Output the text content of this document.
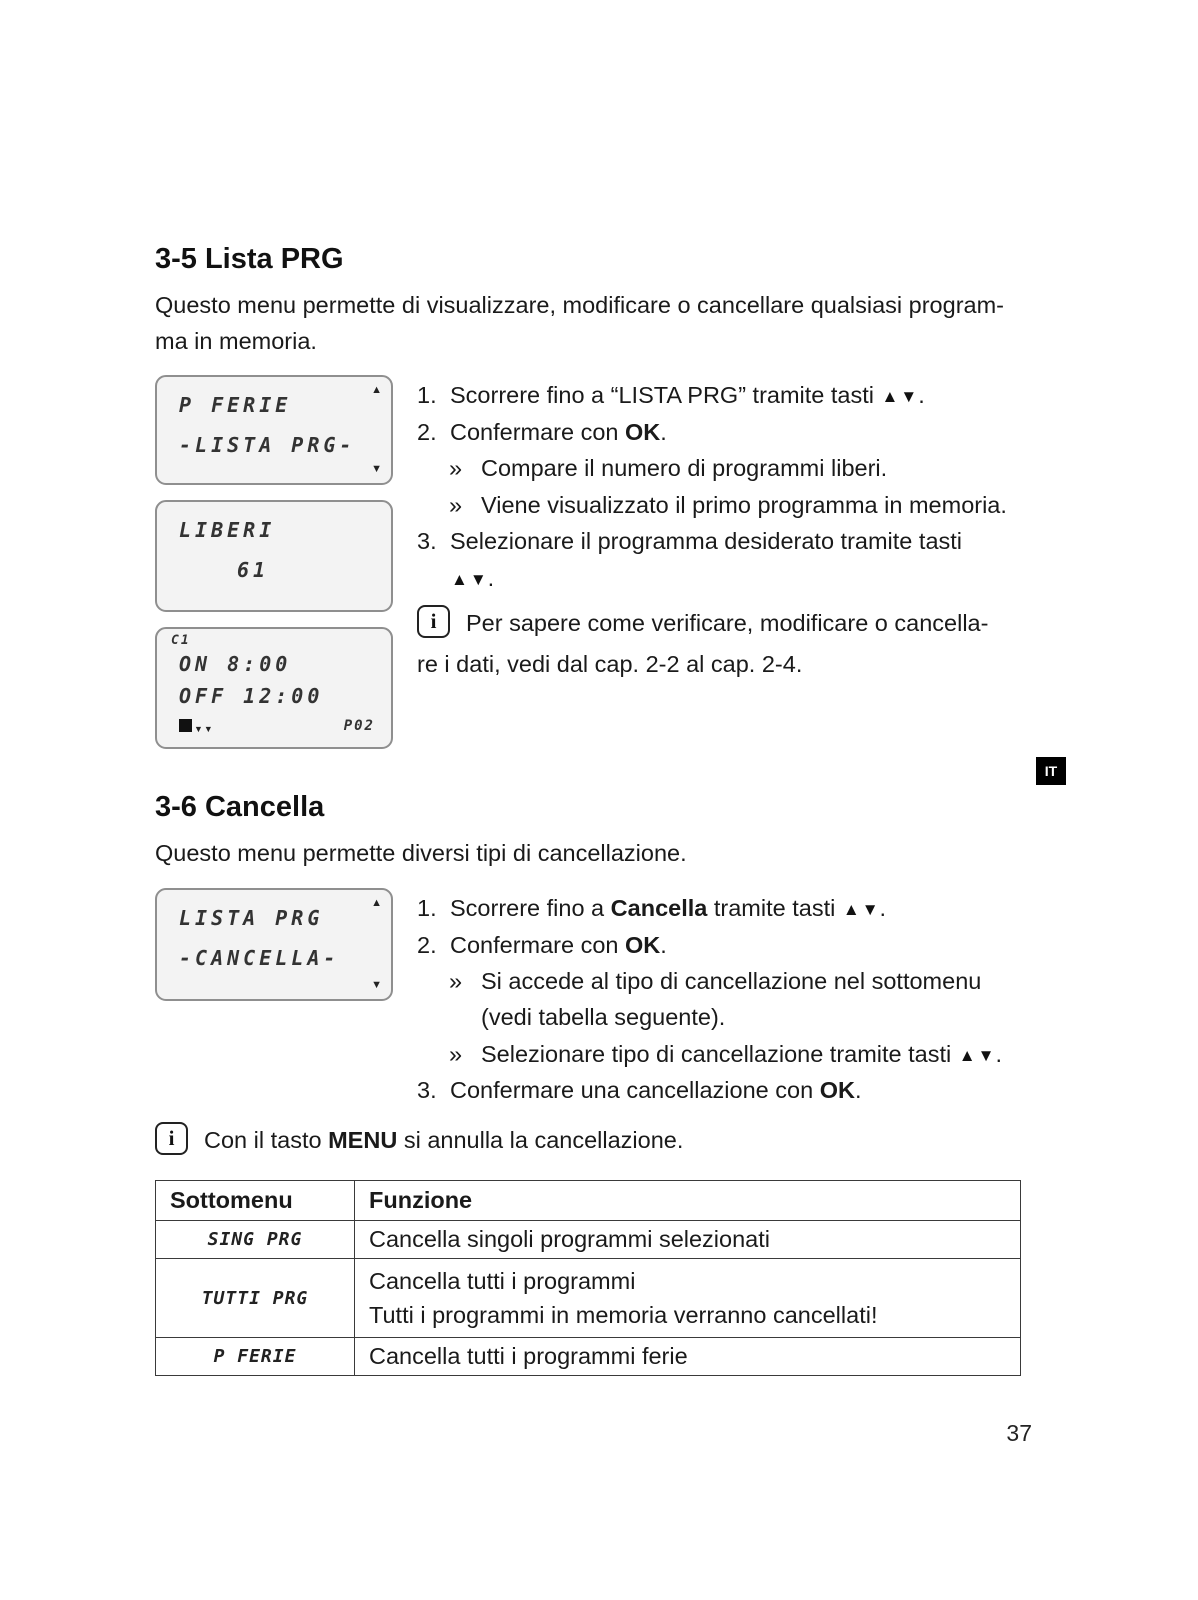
3-5 Lista PRG

Questo menu permette di visualizzare, modificare o cancellare qualsiasi program-
ma in memoria.

▲
▼
P FERIE
-LISTA PRG-
LIBERI
61
C1
ON 8:00
OFF 12:00
▼▼	P02
1. Scorrere fino a “LISTA PRG” tramite tasti ▲ ▼.
2. Confermare con OK.
» Compare il numero di programmi liberi.
» Viene visualizzato il primo programma in memoria.
3. Selezionare il programma desiderato tramite tasti
▲ ▼.
i	Per sapere come verificare, modificare o cancella-
re i dati, vedi dal cap. 2-2 al cap. 2-4.
3-6 Cancella

Questo menu permette diversi tipi di cancellazione.

▲
▼
LISTA PRG
-CANCELLA-
1. Scorrere fino a Cancella tramite tasti ▲ ▼.
2. Confermare con OK.
» Si accede al tipo di cancellazione nel sottomenu
(vedi tabella seguente).
» Selezionare tipo di cancellazione tramite tasti ▲ ▼.
3. Confermare una cancellazione con OK.
i	Con il tasto MENU si annulla la cancellazione.
Sottomenu	Funzione
SING PRG	Cancella singoli programmi selezionati
TUTTI PRG	Cancella tutti i programmi
Tutti i programmi in memoria verranno cancellati!

P FERIE	Cancella tutti i programmi ferie
IT
37
